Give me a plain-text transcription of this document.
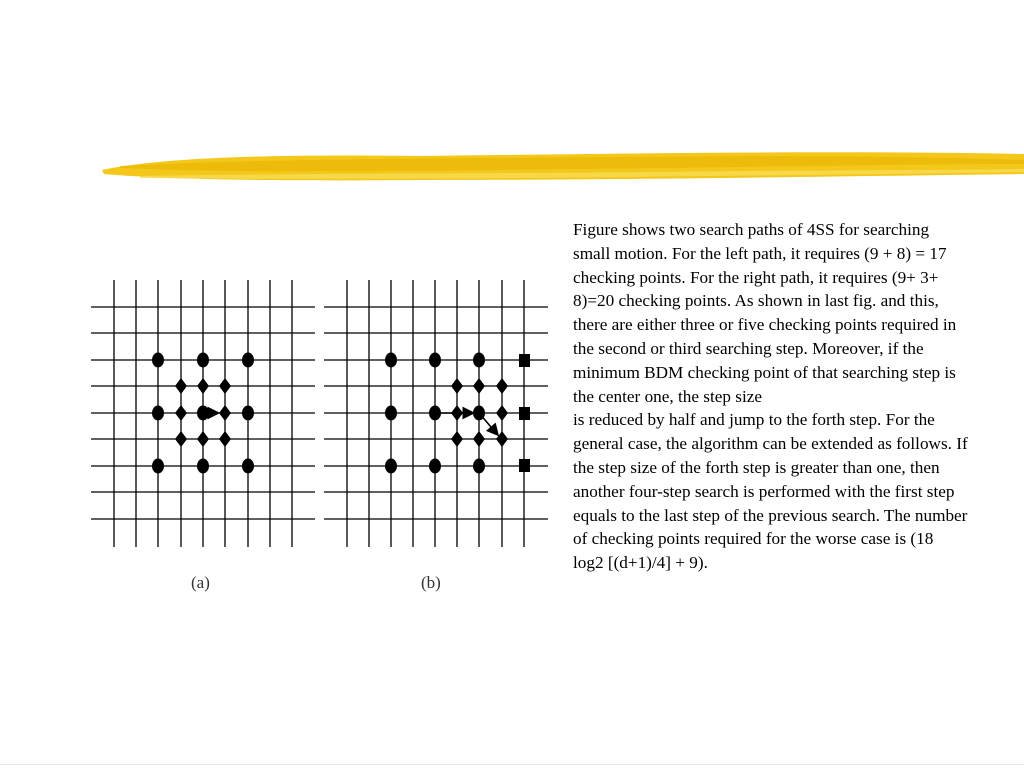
(a)	(b)

Figure shows two search paths of 4SS for searching small motion. For the left path, it requires (9 + 8) = 17 checking points. For the right path, it requires (9+ 3+ 8)=20 checking points. As shown in last fig. and this, there are either three or five checking points required in the second or third searching step. Moreover, if the minimum BDM checking point of that searching step is the center one, the step size
is reduced by half and jump to the forth step. For the general case, the algorithm can be extended as follows. If the step size of the forth step is greater than one, then another four-step search is performed with the first step equals to the last step of the previous search. The number of checking points required for the worse case is (18 log2 [(d+1)/4] + 9).
